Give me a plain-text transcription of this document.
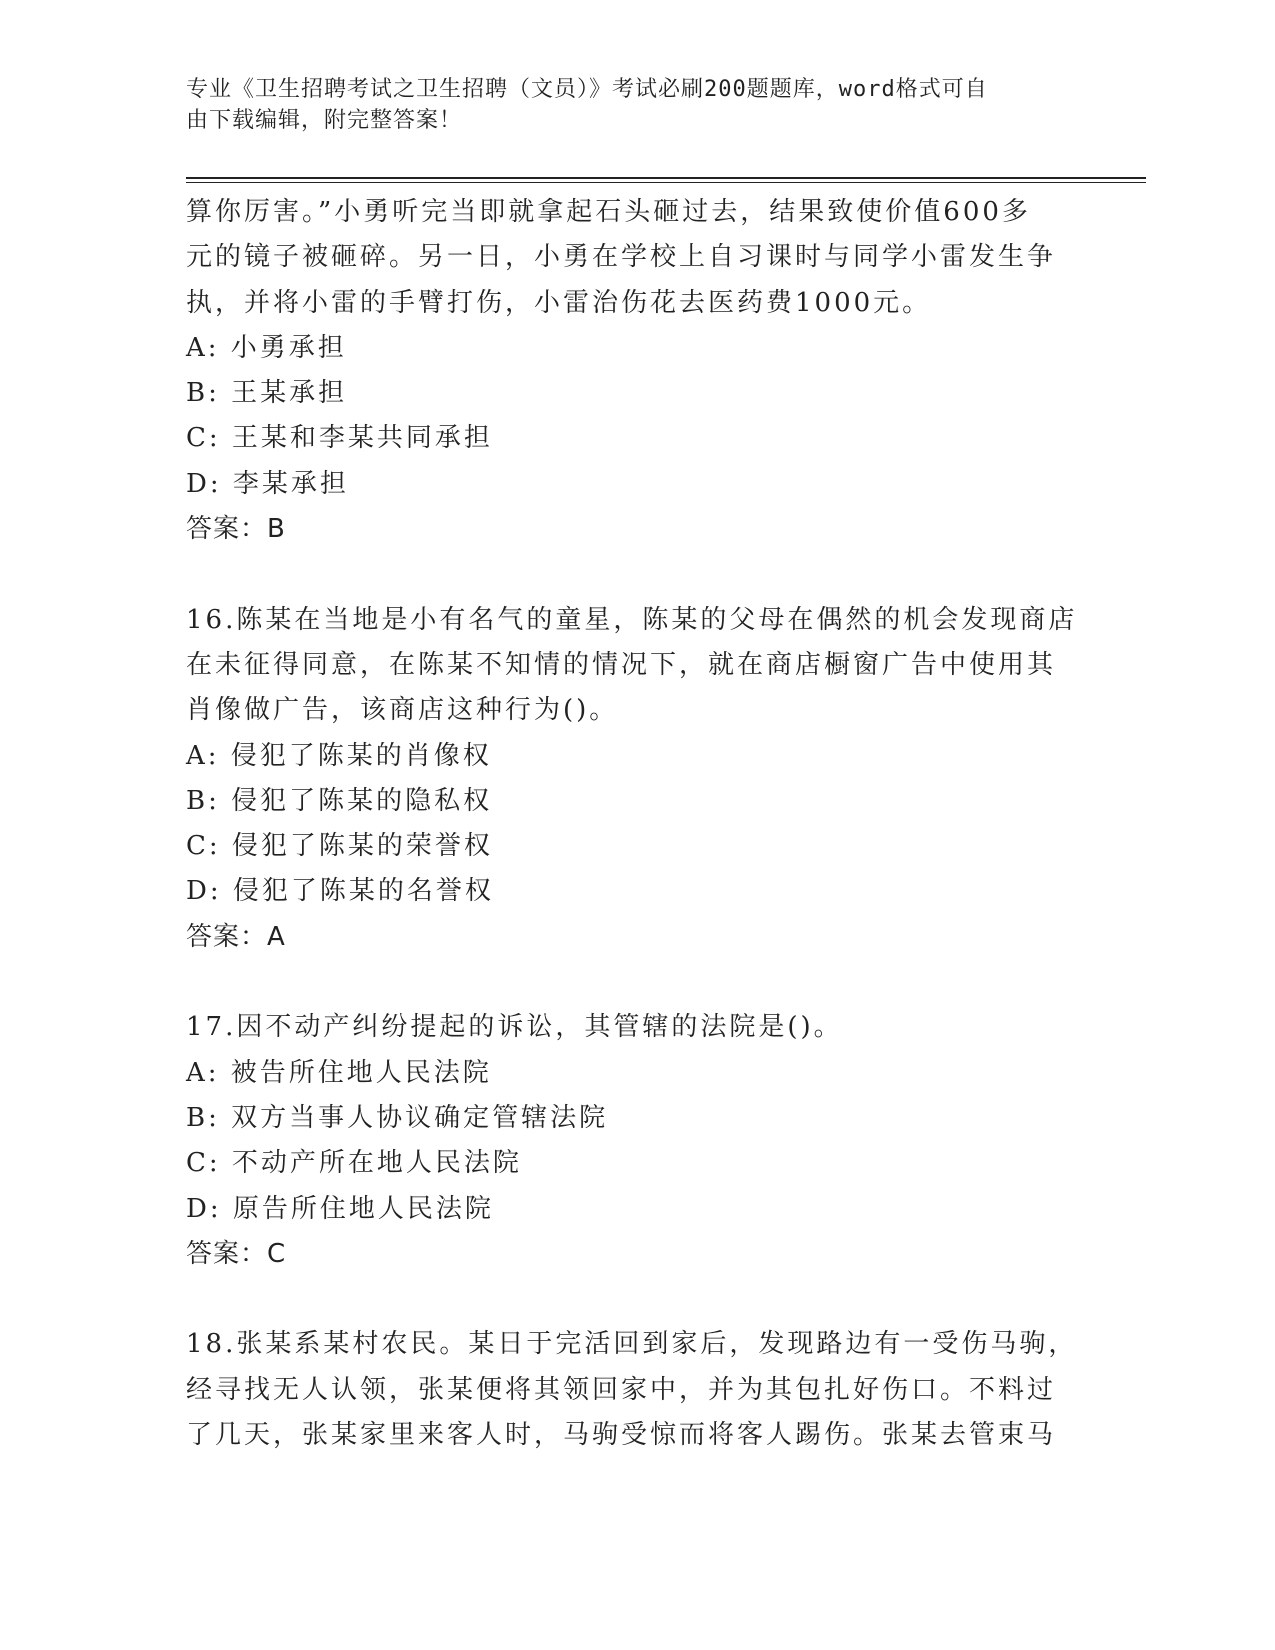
专业《卫生招聘考试之卫生招聘（文员）》考试必刷200题题库，word格式可自
由下载编辑，附完整答案！
算你厉害。”小勇听完当即就拿起石头砸过去，结果致使价值600多
元的镜子被砸碎。另一日，小勇在学校上自习课时与同学小雷发生争
执，并将小雷的手臂打伤，小雷治伤花去医药费1000元。
A: 小勇承担
B: 王某承担
C: 王某和李某共同承担
D: 李某承担
答案：B
16.陈某在当地是小有名气的童星，陈某的父母在偶然的机会发现商店
在未征得同意，在陈某不知情的情况下，就在商店橱窗广告中使用其
肖像做广告，该商店这种行为()。
A: 侵犯了陈某的肖像权
B: 侵犯了陈某的隐私权
C: 侵犯了陈某的荣誉权
D: 侵犯了陈某的名誉权
答案：A
17.因不动产纠纷提起的诉讼，其管辖的法院是()。
A: 被告所住地人民法院
B: 双方当事人协议确定管辖法院
C: 不动产所在地人民法院
D: 原告所住地人民法院
答案：C
18.张某系某村农民。某日于完活回到家后，发现路边有一受伤马驹，
经寻找无人认领，张某便将其领回家中，并为其包扎好伤口。不料过
了几天，张某家里来客人时，马驹受惊而将客人踢伤。张某去管束马
